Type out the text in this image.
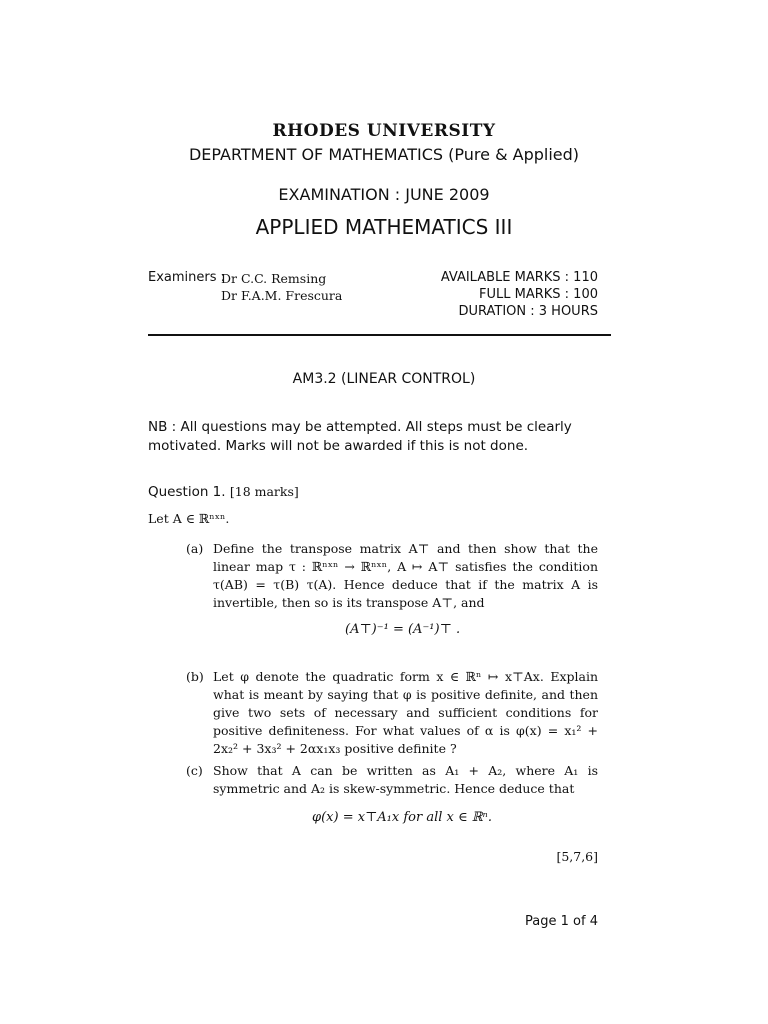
RHODES UNIVERSITY
DEPARTMENT OF MATHEMATICS (Pure & Applied)
EXAMINATION : JUNE 2009
APPLIED MATHEMATICS III
Examiners :
Dr C.C. Remsing
Dr F.A.M. Frescura
AVAILABLE MARKS : 110
FULL MARKS : 100
DURATION : 3 HOURS
AM3.2 (LINEAR CONTROL)
NB : All questions may be attempted. All steps must be clearly motivated. Marks will not be awarded if this is not done.
Question 1. [18 marks]
Let A ∈ ℝⁿˣⁿ.
(a) Define the transpose matrix A⊤ and then show that the linear map τ : ℝⁿˣⁿ → ℝⁿˣⁿ, A ↦ A⊤ satisfies the condition τ(AB) = τ(B) τ(A). Hence deduce that if the matrix A is invertible, then so is its transpose A⊤, and
(A⊤)⁻¹ = (A⁻¹)⊤ .
(b) Let φ denote the quadratic form x ∈ ℝⁿ ↦ x⊤Ax. Explain what is meant by saying that φ is positive definite, and then give two sets of necessary and sufficient conditions for positive definiteness. For what values of α is φ(x) = x₁² + 2x₂² + 3x₃² + 2αx₁x₃ positive definite ?
(c) Show that A can be written as A₁ + A₂, where A₁ is symmetric and A₂ is skew-symmetric. Hence deduce that
φ(x) = x⊤A₁x for all x ∈ ℝⁿ.
[5,7,6]
Page 1 of 4
